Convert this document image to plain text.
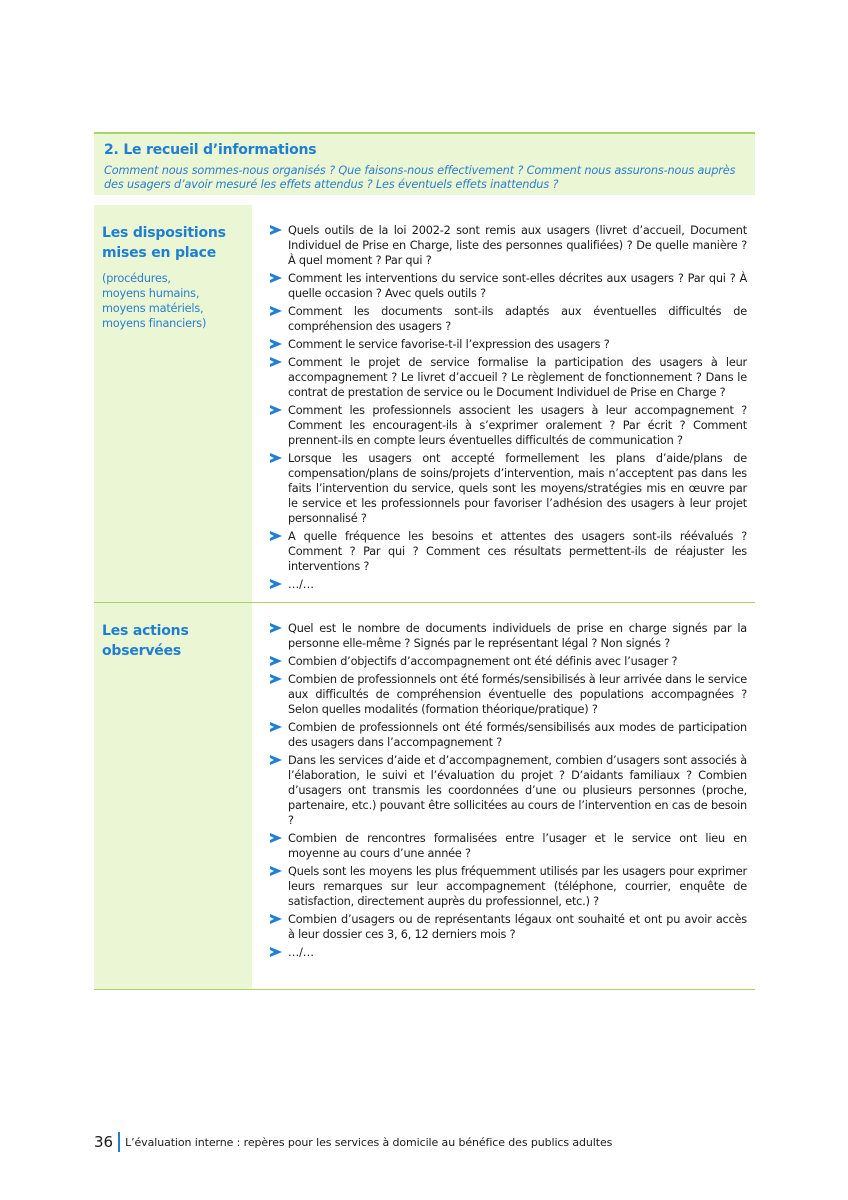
2. Le recueil d’informations
Comment nous sommes-nous organisés ? Que faisons-nous effectivement ? Comment nous assurons-nous auprès des usagers d’avoir mesuré les effets attendus ? Les éventuels effets inattendus ?
Les dispositions
mises en place
(procédures,
moyens humains,
moyens matériels,
moyens financiers)
Quels outils de la loi 2002-2 sont remis aux usagers (livret d’accueil, Document Individuel de Prise en Charge, liste des personnes qualifiées) ? De quelle manière ? À quel moment ? Par qui ?
Comment les interventions du service sont-elles décrites aux usagers ? Par qui ? À quelle occasion ? Avec quels outils ?
Comment les documents sont-ils adaptés aux éventuelles difficultés de compréhension des usagers ?
Comment le service favorise-t-il l’expression des usagers ?
Comment le projet de service formalise la participation des usagers à leur accompagnement ? Le livret d’accueil ? Le règlement de fonctionnement ? Dans le contrat de prestation de service ou le Document Individuel de Prise en Charge ?
Comment les professionnels associent les usagers à leur accompagnement ? Comment les encouragent-ils à s’exprimer oralement ? Par écrit ? Comment prennent-ils en compte leurs éventuelles difficultés de communication ?
Lorsque les usagers ont accepté formellement les plans d’aide/plans de compensation/plans de soins/projets d’intervention, mais n’acceptent pas dans les faits l’intervention du service, quels sont les moyens/stratégies mis en œuvre par le service et les professionnels pour favoriser l’adhésion des usagers à leur projet personnalisé ?
A quelle fréquence les besoins et attentes des usagers sont-ils réévalués ? Comment ? Par qui ? Comment ces résultats permettent-ils de réajuster les interventions ?
…/…
Les actions
observées
Quel est le nombre de documents individuels de prise en charge signés par la personne elle-même ? Signés par le représentant légal ? Non signés ?
Combien d’objectifs d’accompagnement ont été définis avec l’usager ?
Combien de professionnels ont été formés/sensibilisés à leur arrivée dans le service aux difficultés de compréhension éventuelle des populations accompagnées ? Selon quelles modalités (formation théorique/pratique) ?
Combien de professionnels ont été formés/sensibilisés aux modes de participation des usagers dans l’accompagnement ?
Dans les services d’aide et d’accompagnement, combien d’usagers sont associés à l’élaboration, le suivi et l’évaluation du projet ? D’aidants familiaux ? Combien d’usagers ont transmis les coordonnées d’une ou plusieurs personnes (proche, partenaire, etc.) pouvant être sollicitées au cours de l’intervention en cas de besoin ?
Combien de rencontres formalisées entre l’usager et le service ont lieu en moyenne au cours d’une année ?
Quels sont les moyens les plus fréquemment utilisés par les usagers pour exprimer leurs remarques sur leur accompagnement (téléphone, courrier, enquête de satisfaction, directement auprès du professionnel, etc.) ?
Combien d’usagers ou de représentants légaux ont souhaité et ont pu avoir accès à leur dossier ces 3, 6, 12 derniers mois ?
…/…
36	L’évaluation interne : repères pour les services à domicile au bénéfice des publics adultes
